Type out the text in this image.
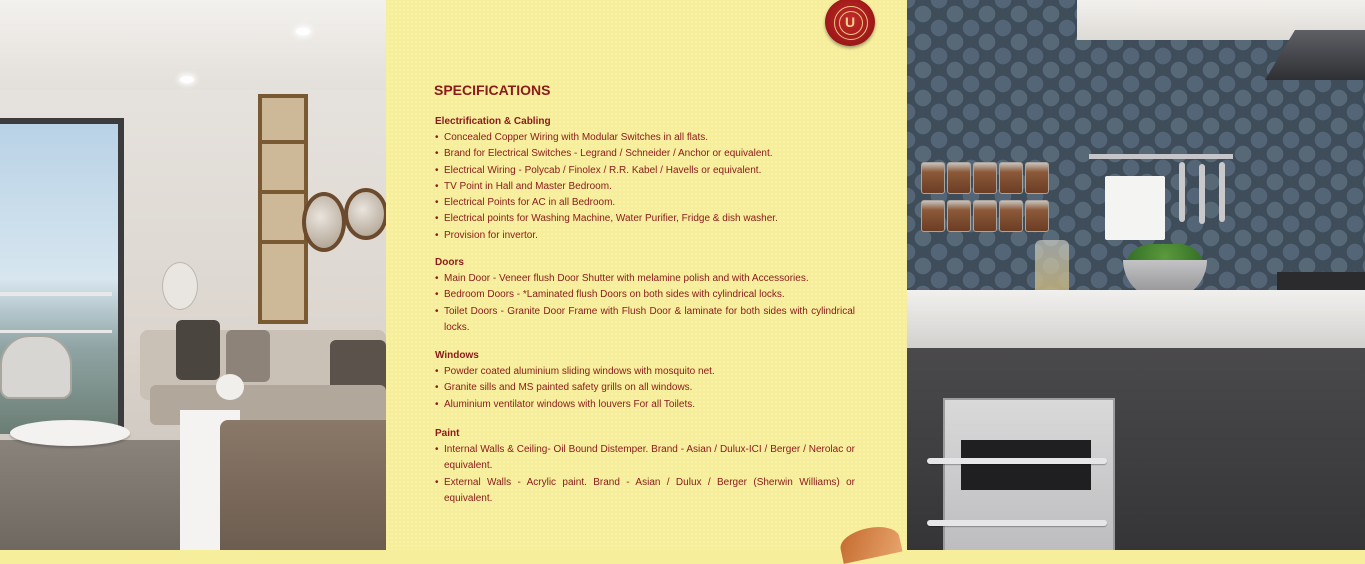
U
SPECIFICATIONS
Electrification & Cabling
• Concealed Copper Wiring with Modular Switches in all flats.
• Brand for Electrical Switches - Legrand / Schneider / Anchor or equivalent.
• Electrical Wiring - Polycab / Finolex / R.R. Kabel / Havells or equivalent.
• TV Point in Hall and Master Bedroom.
• Electrical Points for AC in all Bedroom.
• Electrical points for Washing Machine, Water Purifier, Fridge & dish washer.
• Provision for invertor.
Doors
• Main Door - Veneer flush Door Shutter with melamine polish and with Accessories.
• Bedroom Doors - *Laminated flush Doors on both sides with cylindrical locks.
• Toilet Doors - Granite Door Frame with Flush Door & laminate for both sides with cylindrical locks.
Windows
• Powder coated aluminium sliding windows with mosquito net.
• Granite sills and MS painted safety grills on all windows.
• Aluminium ventilator windows with louvers For all Toilets.
Paint
• Internal Walls & Ceiling- Oil Bound Distemper. Brand - Asian / Dulux-ICI / Berger / Nerolac or equivalent.
• External Walls - Acrylic paint. Brand - Asian / Dulux / Berger (Sherwin Williams) or equivalent.
